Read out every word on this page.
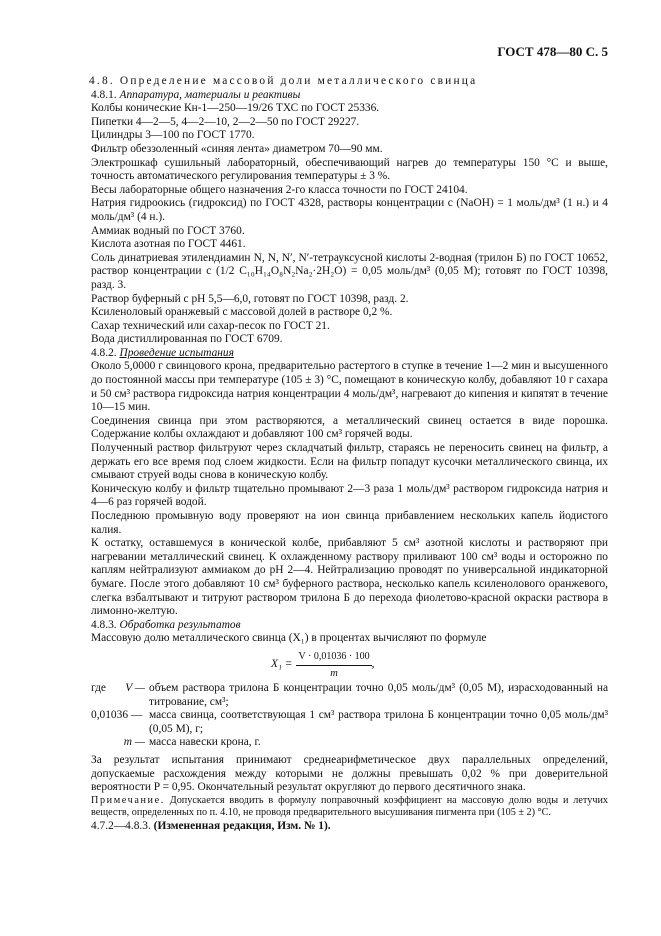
ГОСТ 478—80 С. 5

4.8. Определение массовой доли металлического свинца

4.8.1. Аппаратура, материалы и реактивы

Колбы конические Кн-1—250—19/26 ТХС по ГОСТ 25336.

Пипетки 4—2—5, 4—2—10, 2—2—50 по ГОСТ 29227.

Цилиндры 3—100 по ГОСТ 1770.

Фильтр обеззоленный «синяя лента» диаметром 70—90 мм.

Электрошкаф сушильный лабораторный, обеспечивающий нагрев до температуры 150 °С и выше, точность автоматического регулирования температуры ± 3 %.

Весы лабораторные общего назначения 2-го класса точности по ГОСТ 24104.

Натрия гидроокись (гидроксид) по ГОСТ 4328, растворы концентрации с (NaOH) = 1 моль/дм³ (1 н.) и 4 моль/дм³ (4 н.).

Аммиак водный по ГОСТ 3760.

Кислота азотная по ГОСТ 4461.

Соль динатриевая этилендиамин N, N, N′, N′-тетрауксусной кислоты 2-водная (трилон Б) по ГОСТ 10652, раствор концентрации с (1/2 C₁₀H₁₄O₈N₂Na₂·2H₂O) = 0,05 моль/дм³ (0,05 М); готовят по ГОСТ 10398, разд. 3.

Раствор буферный с рН 5,5—6,0, готовят по ГОСТ 10398, разд. 2.

Ксиленоловый оранжевый с массовой долей в растворе 0,2 %.

Сахар технический или сахар-песок по ГОСТ 21.

Вода дистиллированная по ГОСТ 6709.

4.8.2. Проведение испытания

Около 5,0000 г свинцового крона, предварительно растертого в ступке в течение 1—2 мин и высушенного до постоянной массы при температуре (105 ± 3) °С, помещают в коническую колбу, добавляют 10 г сахара и 50 см³ раствора гидроксида натрия концентрации 4 моль/дм³, нагревают до кипения и кипятят в течение 10—15 мин.

Соединения свинца при этом растворяются, а металлический свинец остается в виде порошка. Содержание колбы охлаждают и добавляют 100 см³ горячей воды.

Полученный раствор фильтруют через складчатый фильтр, стараясь не переносить свинец на фильтр, а держать его все время под слоем жидкости. Если на фильтр попадут кусочки металлического свинца, их смывают струей воды снова в коническую колбу.

Коническую колбу и фильтр тщательно промывают 2—3 раза 1 моль/дм³ раствором гидроксида натрия и 4—6 раз горячей водой.

Последнюю промывную воду проверяют на ион свинца прибавлением нескольких капель йодистого калия.

К остатку, оставшемуся в конической колбе, прибавляют 5 см³ азотной кислоты и растворяют при нагревании металлический свинец. К охлажденному раствору приливают 100 см³ воды и осторожно по каплям нейтрализуют аммиаком до рН 2—4. Нейтрализацию проводят по универсальной индикаторной бумаге. После этого добавляют 10 см³ буферного раствора, несколько капель ксиленолового оранжевого, слегка взбалтывают и титруют раствором трилона Б до перехода фиолетово-красной окраски раствора в лимонно-желтую.

4.8.3. Обработка результатов

Массовую долю металлического свинца (X₁) в процентах вычисляют по формуле

$X_1 = \frac{V \cdot 0,01036 \cdot 100}{m}$ ,
где	V — объем раствора трилона Б концентрации точно 0,05 моль/дм³ (0,05 М), израсходованный на титрование, см³;
0,01036 — масса свинца, соответствующая 1 см³ раствора трилона Б концентрации точно 0,05 моль/дм³ (0,05 М), г;
m — масса навески крона, г.

За результат испытания принимают среднеарифметическое двух параллельных определений, допускаемые расхождения между которыми не должны превышать 0,02 % при доверительной вероятности P = 0,95. Окончательный результат округляют до первого десятичного знака.

Примечание. Допускается вводить в формулу поправочный коэффициент на массовую долю воды и летучих веществ, определенных по п. 4.10, не проводя предварительного высушивания пигмента при (105 ± 2) °С.

4.7.2—4.8.3. (Измененная редакция, Изм. № 1).
